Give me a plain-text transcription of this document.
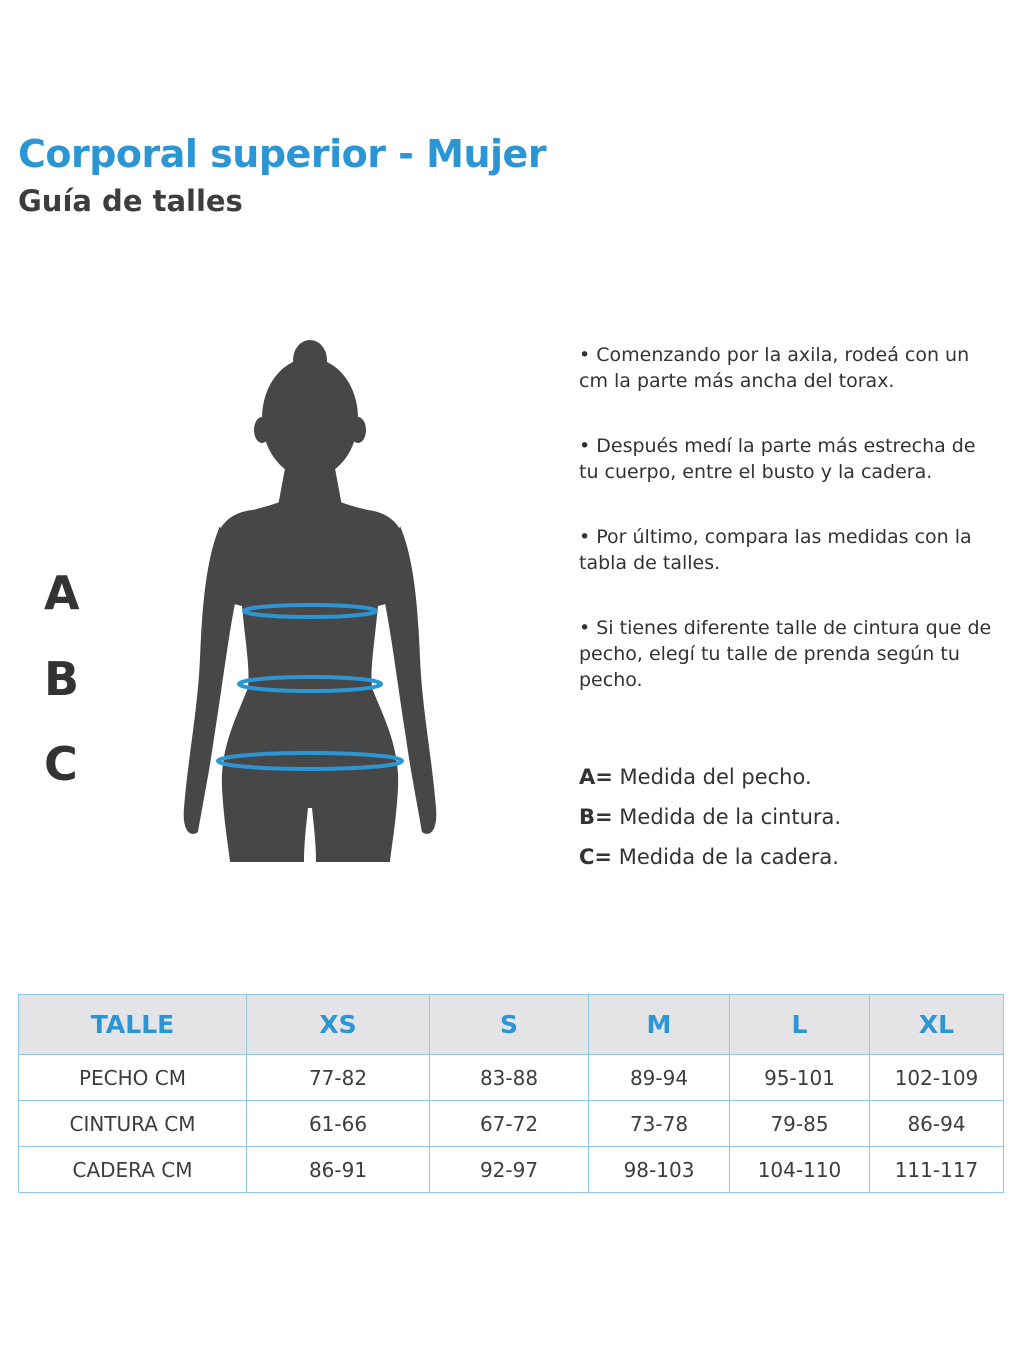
Corporal superior - Mujer
Guía de talles
A
B
C

• Comenzando por la axila, rodeá con un cm la parte más ancha del torax.

• Después medí la parte más estrecha de tu cuerpo, entre el busto y la cadera.

• Por último, compara las medidas con la tabla de talles.

• Si tienes diferente talle de cintura que de pecho, elegí tu talle de prenda según tu pecho.

A= Medida del pecho.
B= Medida de la cintura.
C= Medida de la cadera.
TALLE	XS	S	M	L	XL
PECHO CM	77-82	83-88	89-94	95-101	102-109
CINTURA CM	61-66	67-72	73-78	79-85	86-94
CADERA CM	86-91	92-97	98-103	104-110	111-117
